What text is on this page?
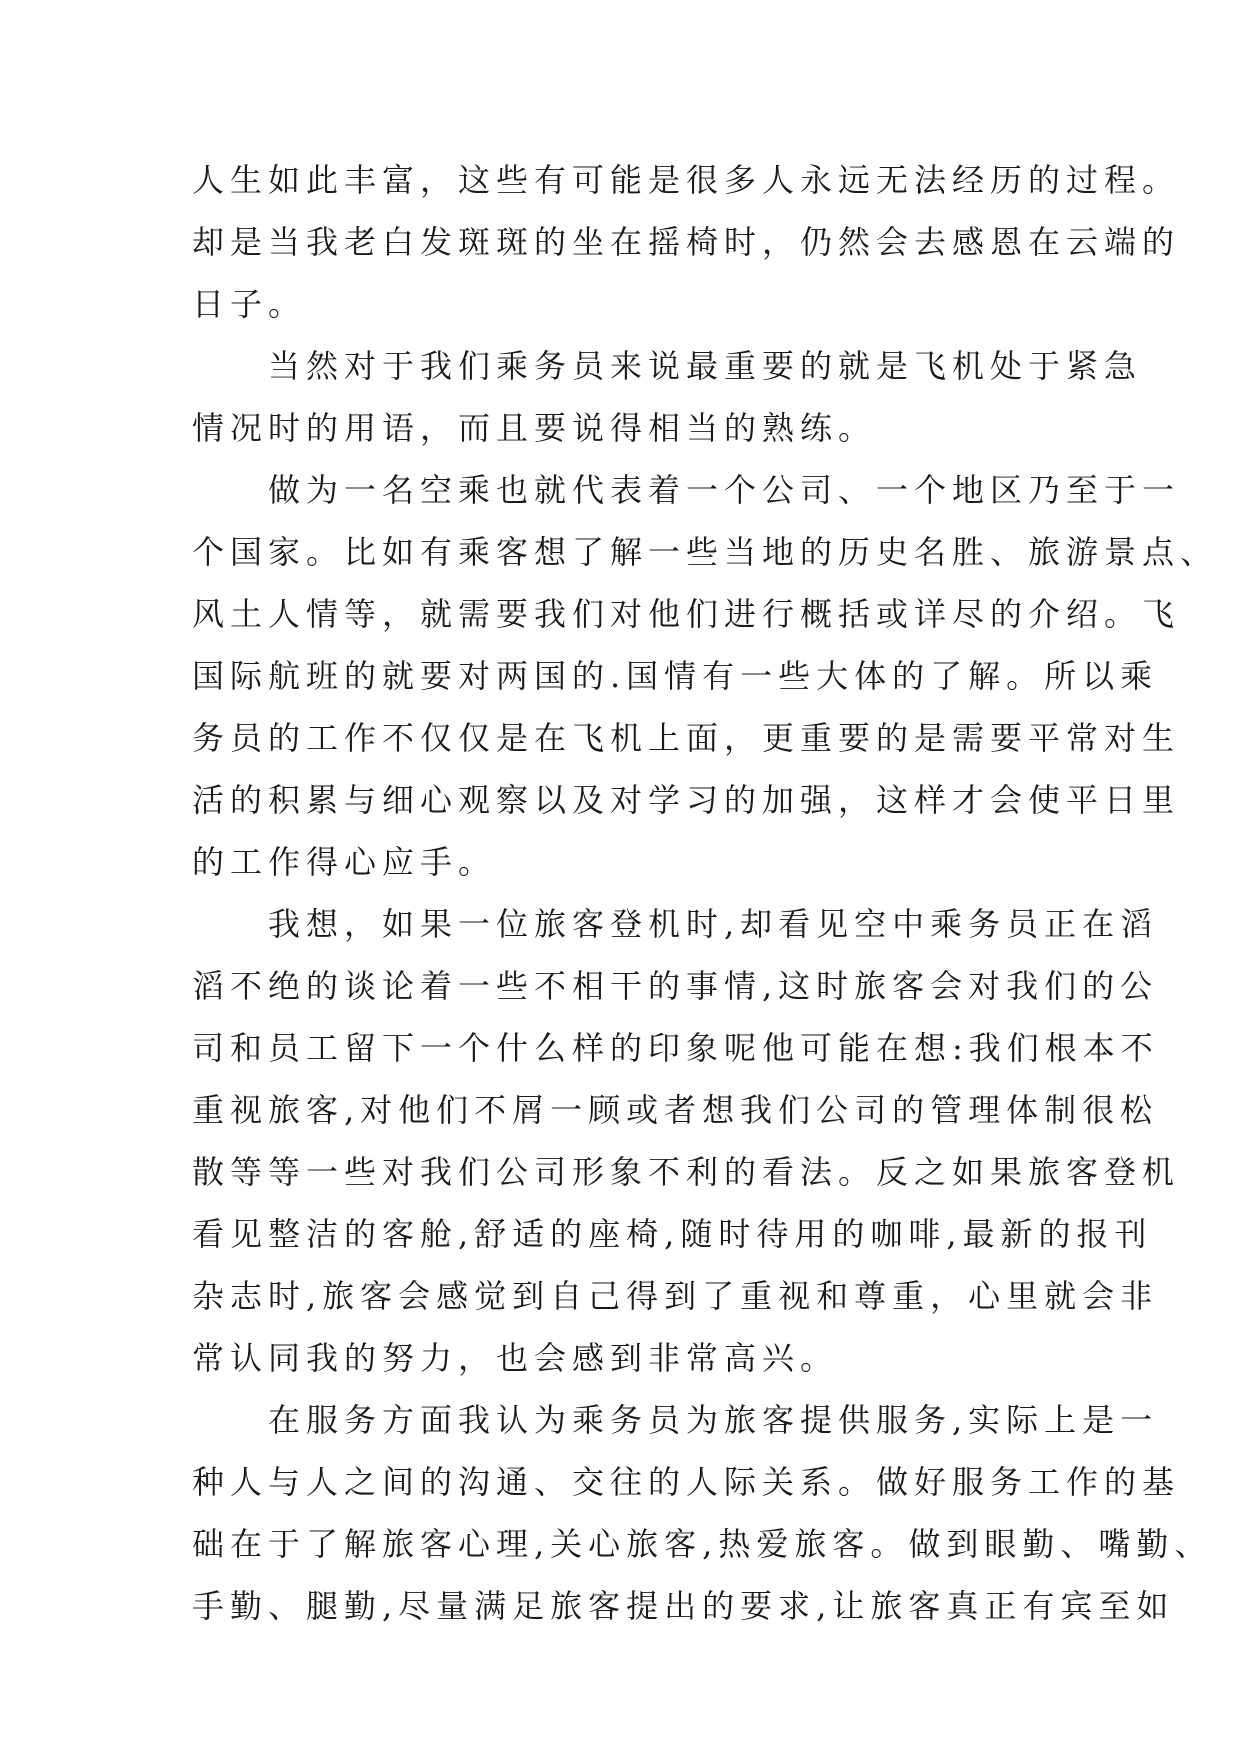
人生如此丰富，这些有可能是很多人永远无法经历的过程。
却是当我老白发斑斑的坐在摇椅时，仍然会去感恩在云端的
日子。
　　当然对于我们乘务员来说最重要的就是飞机处于紧急
情况时的用语，而且要说得相当的熟练。
　　做为一名空乘也就代表着一个公司、一个地区乃至于一
个国家。比如有乘客想了解一些当地的历史名胜、旅游景点、
风土人情等，就需要我们对他们进行概括或详尽的介绍。飞
国际航班的就要对两国的.国情有一些大体的了解。所以乘
务员的工作不仅仅是在飞机上面，更重要的是需要平常对生
活的积累与细心观察以及对学习的加强，这样才会使平日里
的工作得心应手。
　　我想，如果一位旅客登机时,却看见空中乘务员正在滔
滔不绝的谈论着一些不相干的事情,这时旅客会对我们的公
司和员工留下一个什么样的印象呢他可能在想:我们根本不
重视旅客,对他们不屑一顾或者想我们公司的管理体制很松
散等等一些对我们公司形象不利的看法。反之如果旅客登机
看见整洁的客舱,舒适的座椅,随时待用的咖啡,最新的报刊
杂志时,旅客会感觉到自己得到了重视和尊重，心里就会非
常认同我的努力，也会感到非常高兴。
　　在服务方面我认为乘务员为旅客提供服务,实际上是一
种人与人之间的沟通、交往的人际关系。做好服务工作的基
础在于了解旅客心理,关心旅客,热爱旅客。做到眼勤、嘴勤、
手勤、腿勤,尽量满足旅客提出的要求,让旅客真正有宾至如
